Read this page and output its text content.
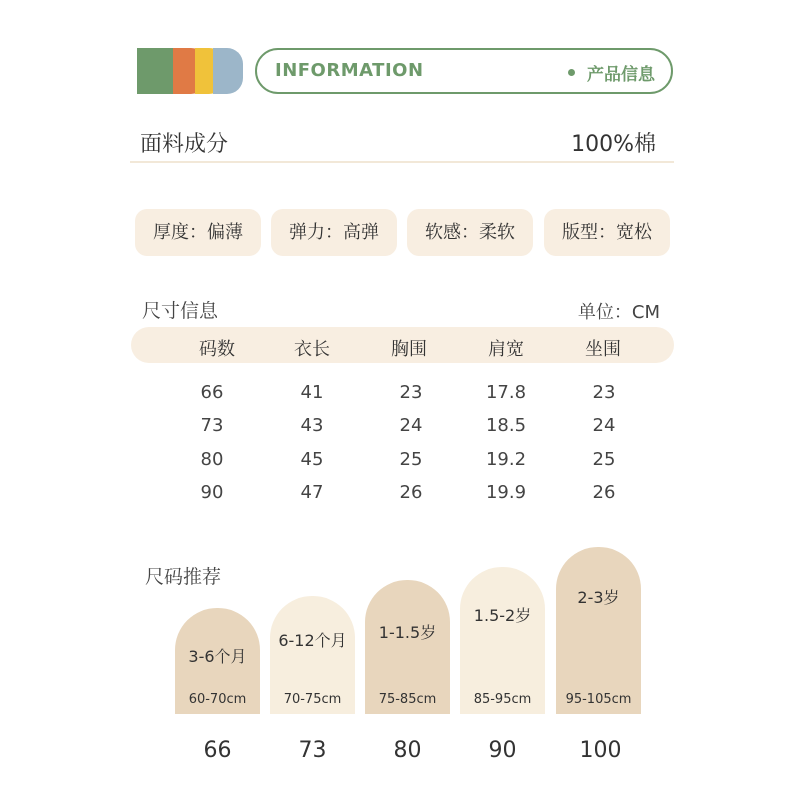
INFORMATION	产品信息
面料成分	100%棉
厚度：偏薄	弹力：高弹	软感：柔软	版型：宽松
尺寸信息	单位：CM
码数	衣长	胸围	肩宽	坐围
66	41	23	17.8	23
73	43	24	18.5	24
80	45	25	19.2	25
90	47	26	19.9	26
尺码推荐
3-6个月
60-70cm
6-12个月
70-75cm
1-1.5岁
75-85cm
1.5-2岁
85-95cm
2-3岁
95-105cm
66	73	80	90	100
